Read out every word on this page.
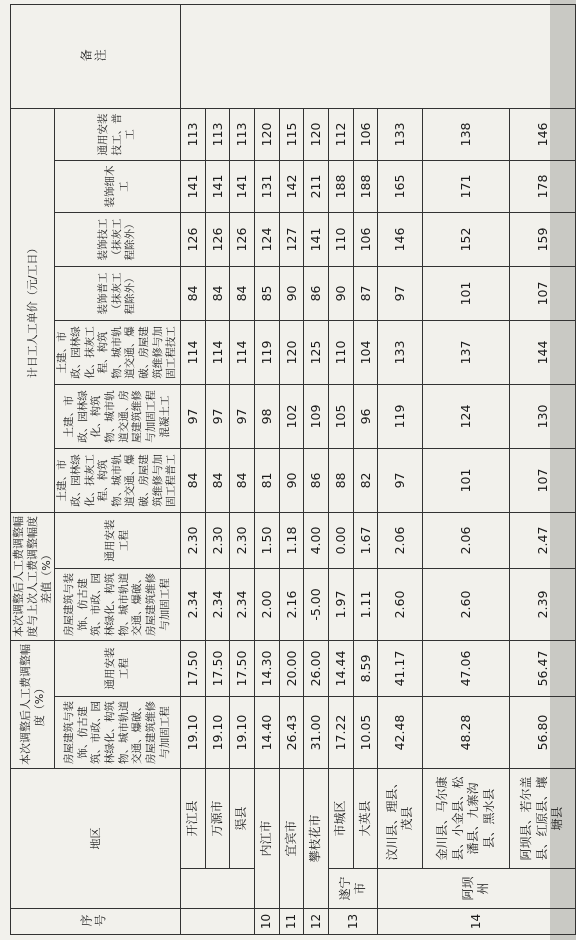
序号	地区		本次调整后人工费调整幅度（%）		本次调整后人工费调整幅度与上次人工费调整幅度差值（%）		计日工人工单价（元/工日）							备注
			房屋建筑与装饰、仿古建筑、市政、园林绿化、构筑物、城市轨道交通、爆破、房屋建筑维修与加固工程	通用安装工程	房屋建筑与装饰、仿古建筑、市政、园林绿化、构筑物、城市轨道交通、爆破、房屋建筑维修与加固工程	通用安装工程	土建、市政、园林绿化、抹灰工程、构筑物、城市轨道交通、爆破、房屋建筑维修与加固工程普工	土建、市政、园林绿化、构筑物、城市轨道交通、房屋建筑维修与加固工程混凝土工	土建、市政、园林绿化、抹灰工程、构筑物、城市轨道交通、爆破、房屋建筑维修与加固工程技工	装饰普工（抹灰工程除外）	装饰技工（抹灰工程除外）	装饰细木工	通用安装技工、普工	

		开江县	19.10	17.50	2.34	2.30	84	97	114	84	126	141	113	
		万源市	19.10	17.50	2.34	2.30	84	97	114	84	126	141	113	
		渠县	19.10	17.50	2.34	2.30	84	97	114	84	126	141	113	
10	内江市		14.40	14.30	2.00	1.50	81	98	119	85	124	131	120	
11	宜宾市		26.43	20.00	2.16	1.18	90	102	120	90	127	142	115	
12	攀枝花市		31.00	26.00	-5.00	4.00	86	109	125	86	141	211	120	
13	遂宁市	市城区	17.22	14.44	1.97	0.00	88	105	110	90	110	188	112	
		大英县	10.05	8.59	1.11	1.67	82	96	104	87	106	188	106	
14	阿坝州	汶川县、理县、茂县	42.48	41.17	2.60	2.06	97	119	133	97	146	165	133	
		金川县、马尔康县、小金县、松潘县、九寨沟县、黑水县	48.28	47.06	2.60	2.06	101	124	137	101	152	171	138	
		阿坝县、若尔盖县、红原县、壤塘县	56.80	56.47	2.39	2.47	107	130	144	107	159	178	146	
